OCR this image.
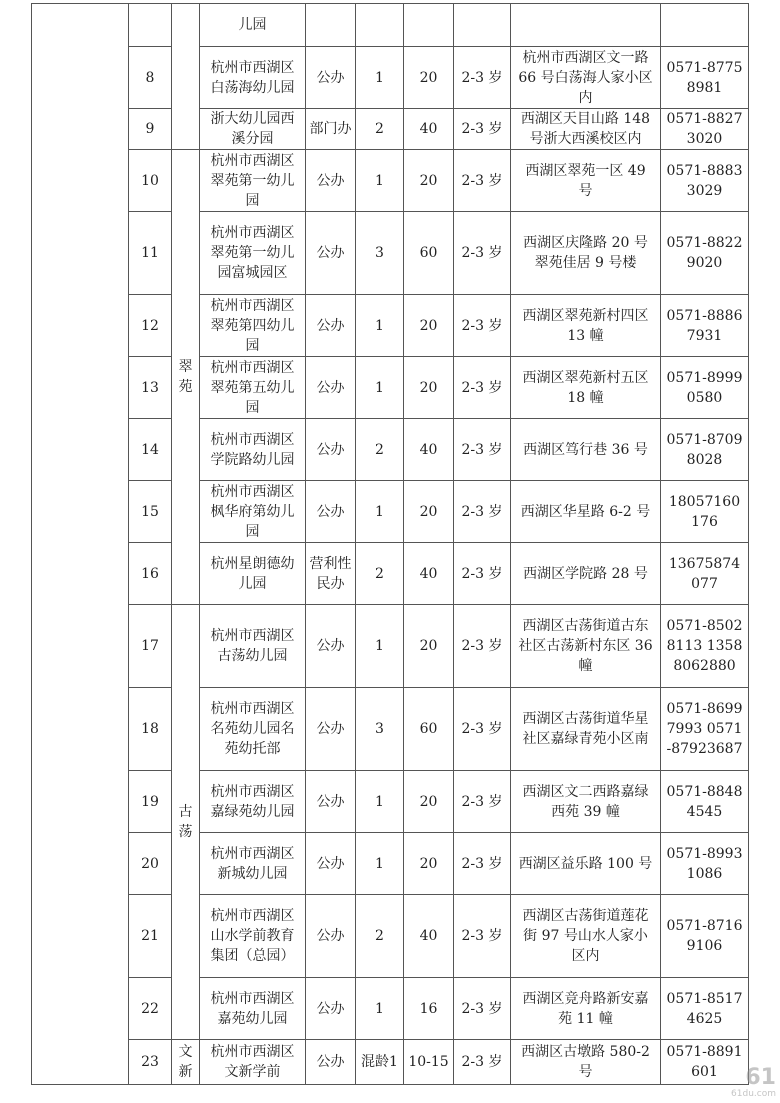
			儿园						
	8		杭州市西湖区白荡海幼儿园	公办	1	20	2-3 岁	杭州市西湖区文一路 66 号白荡海人家小区内	0571-87758981
	9		浙大幼儿园西溪分园	部门办	2	40	2-3 岁	西湖区天目山路 148 号浙大西溪校区内	0571-88273020
	10	翠苑	杭州市西湖区翠苑第一幼儿园	公办	1	20	2-3 岁	西湖区翠苑一区 49 号	0571-88833029
	11		杭州市西湖区翠苑第一幼儿园富城园区	公办	3	60	2-3 岁	西湖区庆隆路 20 号翠苑佳居 9 号楼	0571-88229020
	12		杭州市西湖区翠苑第四幼儿园	公办	1	20	2-3 岁	西湖区翠苑新村四区 13 幢	0571-88867931
	13		杭州市西湖区翠苑第五幼儿园	公办	1	20	2-3 岁	西湖区翠苑新村五区 18 幢	0571-89990580
	14		杭州市西湖区学院路幼儿园	公办	2	40	2-3 岁	西湖区笃行巷 36 号	0571-87098028
	15		杭州市西湖区枫华府第幼儿园	公办	1	20	2-3 岁	西湖区华星路 6-2 号	18057160176
	16		杭州星朗德幼儿园	营利性民办	2	40	2-3 岁	西湖区学院路 28 号	13675874077
	17	古荡	杭州市西湖区古荡幼儿园	公办	1	20	2-3 岁	西湖区古荡街道古东社区古荡新村东区 36 幢	0571-85028113 13588062880
	18		杭州市西湖区名苑幼儿园名苑幼托部	公办	3	60	2-3 岁	西湖区古荡街道华星社区嘉绿青苑小区南	0571-86997993 0571-87923687
	19		杭州市西湖区嘉绿苑幼儿园	公办	1	20	2-3 岁	西湖区文二西路嘉绿西苑 39 幢	0571-88484545
	20		杭州市西湖区新城幼儿园	公办	1	20	2-3 岁	西湖区益乐路 100 号	0571-89931086
	21		杭州市西湖区山水学前教育集团（总园）	公办	2	40	2-3 岁	西湖区古荡街道莲花街 97 号山水人家小区内	0571-87169106
	22		杭州市西湖区嘉苑幼儿园	公办	1	16	2-3 岁	西湖区竞舟路新安嘉苑 11 幢	0571-85174625
	23	文新	杭州市西湖区文新学前	公办	混龄1	10-15	2-3 岁	西湖区古墩路 580-2 号	0571-8891601	61
61du.com
